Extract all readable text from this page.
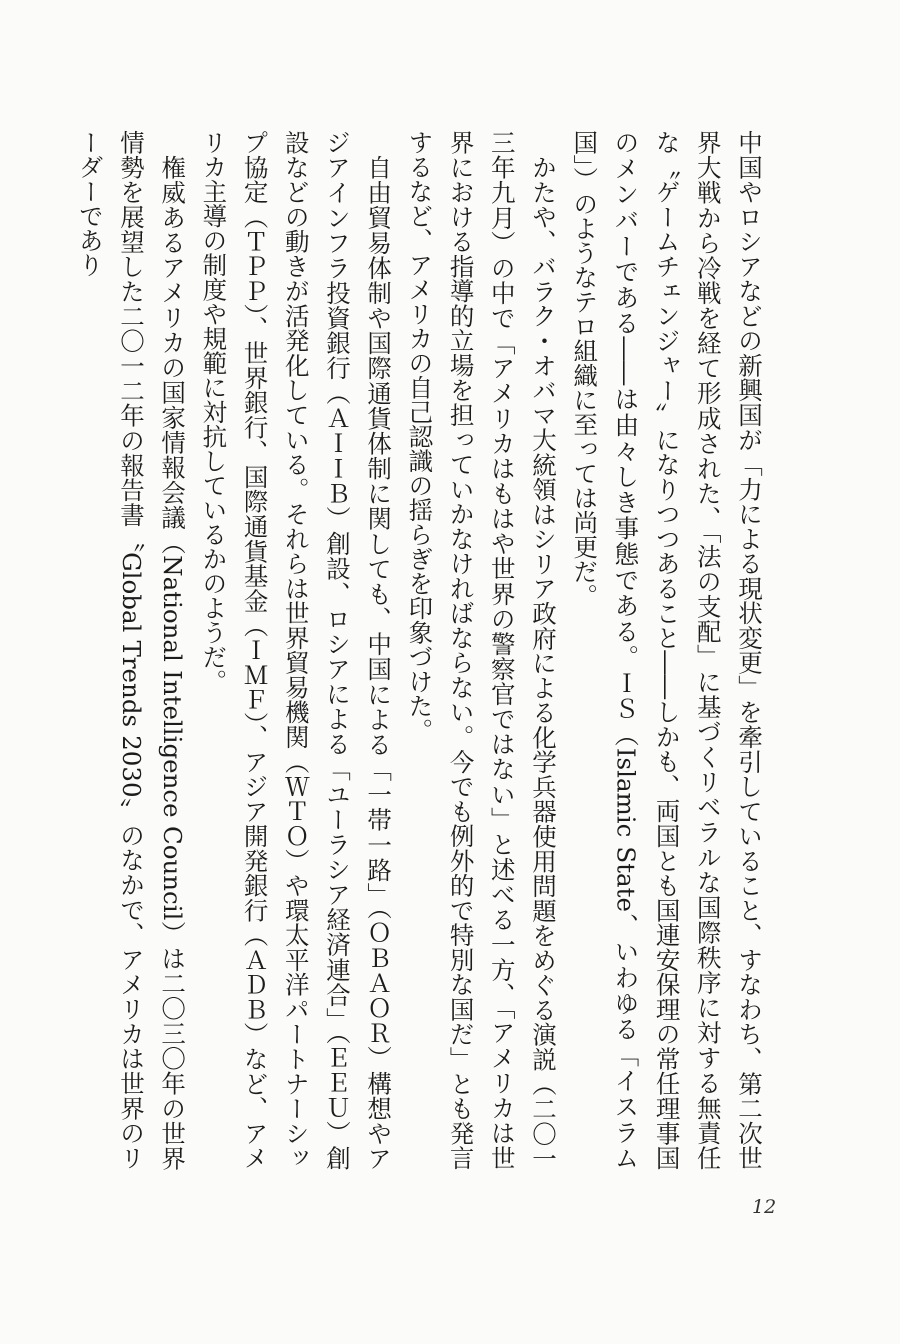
中国やロシアなどの新興国が「力による現状変更」を牽引していること、すなわち、第二次世界大戦から冷戦を経て形成された、「法の支配」に基づくリベラルな国際秩序に対する無責任な〝ゲームチェンジャー〟になりつつあること――しかも、両国とも国連安保理の常任理事国のメンバーである――は由々しき事態である。ＩＳ（Islamic State、いわゆる「イスラム国」）のようなテロ組織に至っては尚更だ。

かたや、バラク・オバマ大統領はシリア政府による化学兵器使用問題をめぐる演説（二〇一三年九月）の中で「アメリカはもはや世界の警察官ではない」と述べる一方、「アメリカは世界における指導的立場を担っていかなければならない。今でも例外的で特別な国だ」とも発言するなど、アメリカの自己認識の揺らぎを印象づけた。

自由貿易体制や国際通貨体制に関しても、中国による「一帯一路」（ＯＢＡＯＲ）構想やアジアインフラ投資銀行（ＡＩＩＢ）創設、ロシアによる「ユーラシア経済連合」（ＥＥＵ）創設などの動きが活発化している。それらは世界貿易機関（ＷＴＯ）や環太平洋パートナーシップ協定（ＴＰＰ）、世界銀行、国際通貨基金（ＩＭＦ）、アジア開発銀行（ＡＤＢ）など、アメリカ主導の制度や規範に対抗しているかのようだ。

権威あるアメリカの国家情報会議（National Intelligence Council）は二〇三〇年の世界情勢を展望した二〇一二年の報告書〝Global Trends 2030〟のなかで、アメリカは世界のリーダーであり

12
